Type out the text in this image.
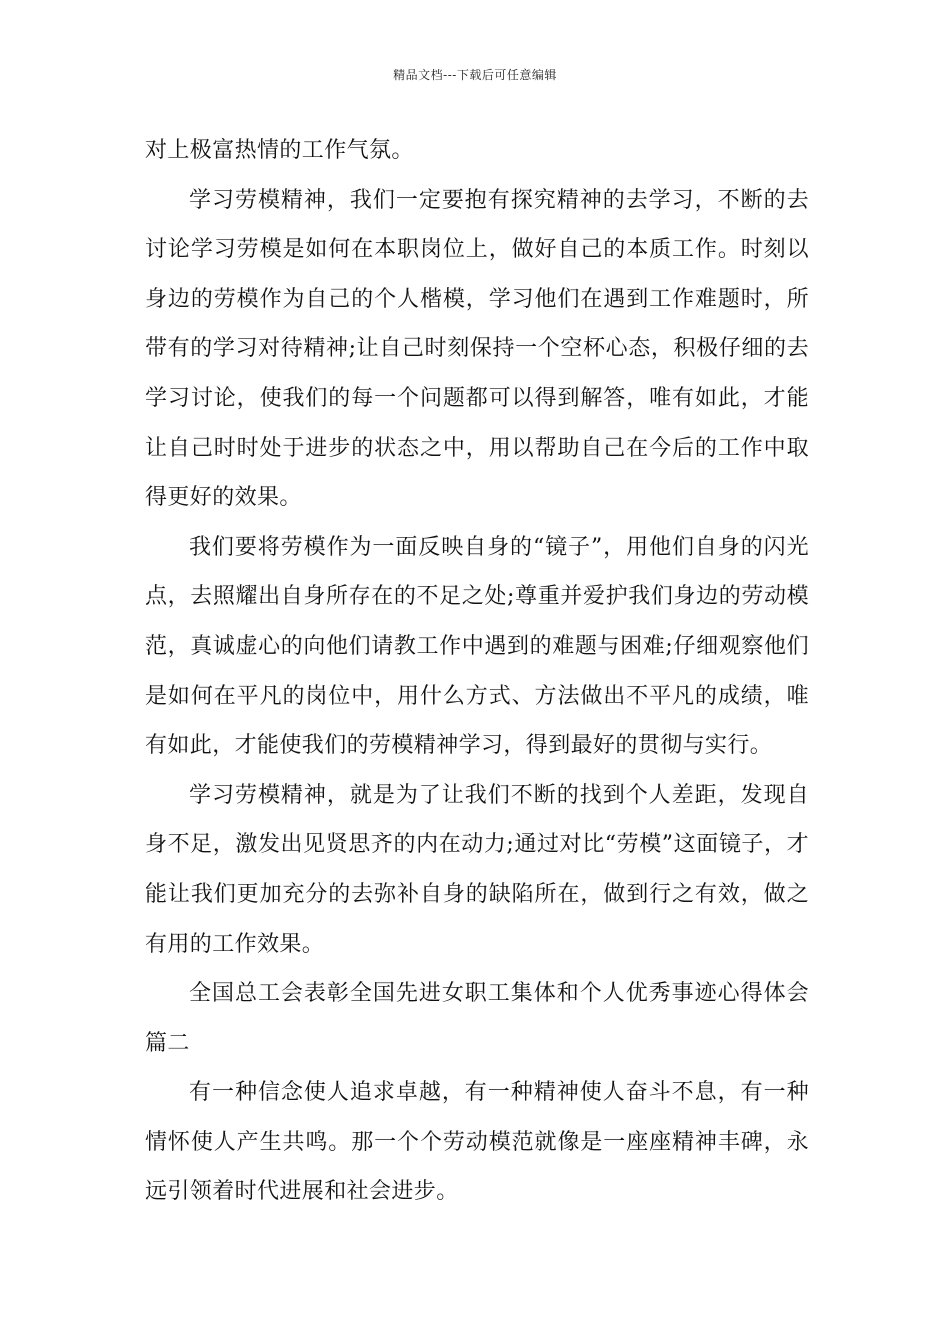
精品文档---下载后可任意编辑

对上极富热情的工作气氛。

学习劳模精神，我们一定要抱有探究精神的去学习，不断的去讨论学习劳模是如何在本职岗位上，做好自己的本质工作。时刻以身边的劳模作为自己的个人楷模，学习他们在遇到工作难题时，所带有的学习对待精神;让自己时刻保持一个空杯心态，积极仔细的去学习讨论，使我们的每一个问题都可以得到解答，唯有如此，才能让自己时时处于进步的状态之中，用以帮助自己在今后的工作中取得更好的效果。

我们要将劳模作为一面反映自身的“镜子”，用他们自身的闪光点，去照耀出自身所存在的不足之处;尊重并爱护我们身边的劳动模范，真诚虚心的向他们请教工作中遇到的难题与困难;仔细观察他们是如何在平凡的岗位中，用什么方式、方法做出不平凡的成绩，唯有如此，才能使我们的劳模精神学习，得到最好的贯彻与实行。

学习劳模精神，就是为了让我们不断的找到个人差距，发现自身不足，激发出见贤思齐的内在动力;通过对比“劳模”这面镜子，才能让我们更加充分的去弥补自身的缺陷所在，做到行之有效，做之有用的工作效果。

全国总工会表彰全国先进女职工集体和个人优秀事迹心得体会篇二

有一种信念使人追求卓越，有一种精神使人奋斗不息，有一种情怀使人产生共鸣。那一个个劳动模范就像是一座座精神丰碑，永远引领着时代进展和社会进步。
